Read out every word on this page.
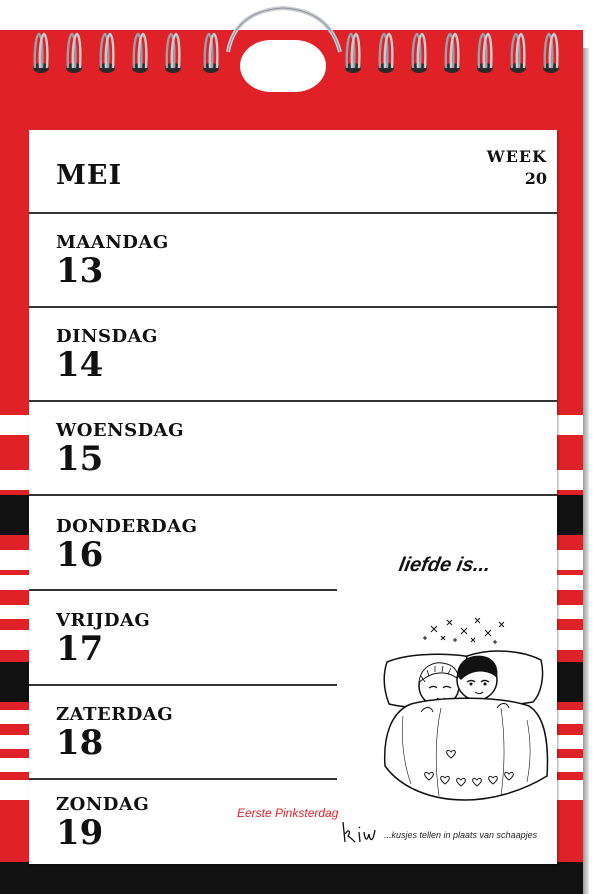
MEI
WEEK
20
MAANDAG
13
DINSDAG
14
WOENSDAG
15
DONDERDAG
16
VRIJDAG
17
ZATERDAG
18
ZONDAG
19	Eerste Pinksterdag
liefde is...
...kusjes tellen in plaats van schaapjes
